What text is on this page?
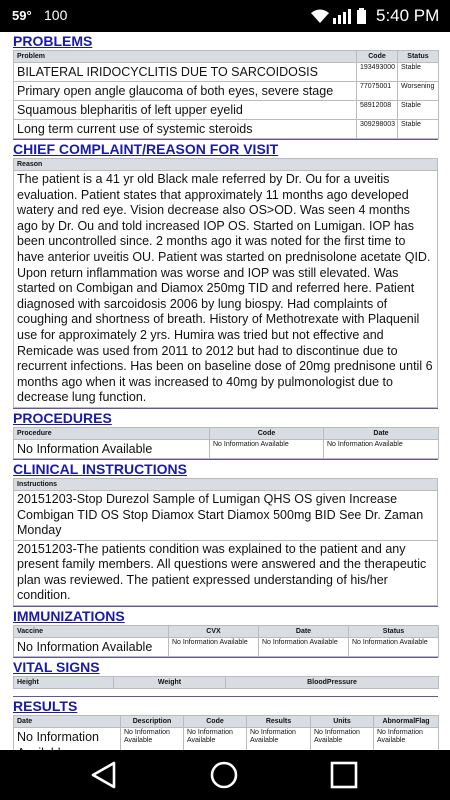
59° 100	5:40 PM
PROBLEMS
Problem	Code	Status
BILATERAL IRIDOCYCLITIS DUE TO SARCOIDOSIS	193493000	Stable
Primary open angle glaucoma of both eyes, severe stage	77075001	Worsening
Squamous blepharitis of left upper eyelid	58912008	Stable
Long term current use of systemic steroids	309298003	Stable
CHIEF COMPLAINT/REASON FOR VISIT
Reason
The patient is a 41 yr old Black male referred by Dr. Ou for a uveitis evaluation. Patient states that approximately 11 months ago developed watery and red eye. Vision decrease also OS>OD. Was seen 4 months ago by Dr. Ou and told increased IOP OS. Started on Lumigan. IOP has been uncontrolled since. 2 months ago it was noted for the first time to have anterior uveitis OU. Patient was started on prednisolone acetate QID. Upon return inflammation was worse and IOP was still elevated. Was started on Combigan and Diamox 250mg TID and referred here. Patient diagnosed with sarcoidosis 2006 by lung biospy. Had complaints of coughing and shortness of breath. History of Methotrexate with Plaquenil use for approximately 2 yrs. Humira was tried but not effective and Remicade was used from 2011 to 2012 but had to discontinue due to recurrent infections. Has been on baseline dose of 20mg prednisone until 6 months ago when it was increased to 40mg by pulmonologist due to decrease lung function.
PROCEDURES
Procedure	Code	Date
No Information Available	No Information Available	No Information Available
CLINICAL INSTRUCTIONS
Instructions
20151203-Stop Durezol Sample of Lumigan QHS OS given Increase Combigan TID OS Stop Diamox Start Diamox 500mg BID See Dr. Zaman Monday
20151203-The patients condition was explained to the patient and any present family members. All questions were answered and the therapeutic plan was reviewed. The patient expressed understanding of his/her condition.
IMMUNIZATIONS
Vaccine	CVX	Date	Status
No Information Available	No Information Available	No Information Available	No Information Available
VITAL SIGNS
Height	Weight	BloodPressure
RESULTS
Date	Description	Code	Results	Units	AbnormalFlag
No Information	No Information Available	No Information Available	No Information Available	No Information Available	No Information Available
